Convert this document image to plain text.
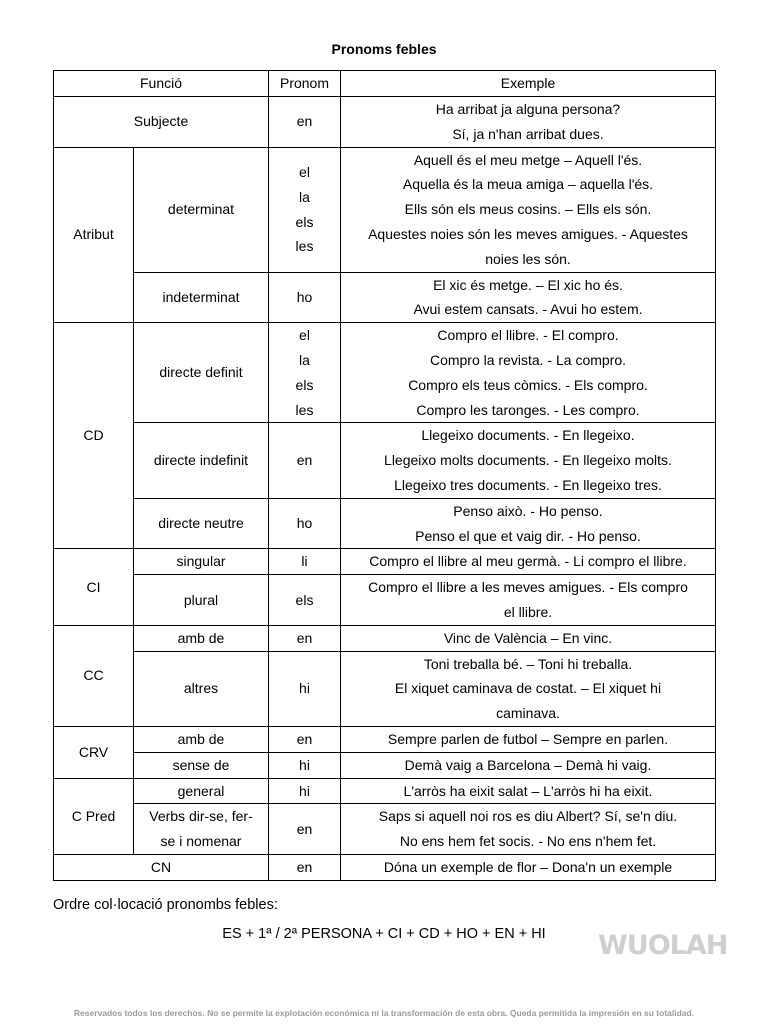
Pronoms febles
Funció		Pronom	Exemple
Subjecte		en	Ha arribat ja alguna persona?
Sí, ja n'han arribat dues.

Atribut	determinat	el
la
els
les	Aquell és el meu metge – Aquell l'és.
Aquella és la meua amiga – aquella l'és.
Ells són els meus cosins. – Ells els són.
Aquestes noies són les meves amigues. - Aquestes
noies les són.

	indeterminat	ho	El xic és metge. – El xic ho és.
Avui estem cansats. - Avui ho estem.

CD	directe definit	el
la
els
les	Compro el llibre. - El compro.
Compro la revista. - La compro.
Compro els teus còmics. - Els compro.
Compro les taronges. - Les compro.

	directe indefinit	en	Llegeixo documents. - En llegeixo.
Llegeixo molts documents. - En llegeixo molts.
Llegeixo tres documents. - En llegeixo tres.

	directe neutre	ho	Penso això. - Ho penso.
Penso el que et vaig dir. - Ho penso.

CI	singular	li	Compro el llibre al meu germà. - Li compro el llibre.

	plural	els	Compro el llibre a les meves amigues. - Els compro
el llibre.

CC	amb de	en	Vinc de València – En vinc.

	altres	hi	Toni treballa bé. – Toni hi treballa.
El xiquet caminava de costat. – El xiquet hi
caminava.

CRV	amb de	en	Sempre parlen de futbol – Sempre en parlen.

	sense de	hi	Demà vaig a Barcelona – Demà hi vaig.

C Pred	general	hi	L'arròs ha eixit salat – L'arròs hi ha eixit.

	Verbs dir-se, fer-
se i nomenar	en	Saps si aquell noi ros es diu Albert? Sí, se'n diu.
No ens hem fet socis. - No ens n'hem fet.

CN		en	Dóna un exemple de flor – Dona'n un exemple
Ordre col·locació pronombs febles:
ES + 1ª / 2ª PERSONA + CI + CD + HO + EN + HI	WUOLAH
Reservados todos los derechos. No se permite la explotación económica ni la transformación de esta obra. Queda permitida la impresión en su totalidad.
